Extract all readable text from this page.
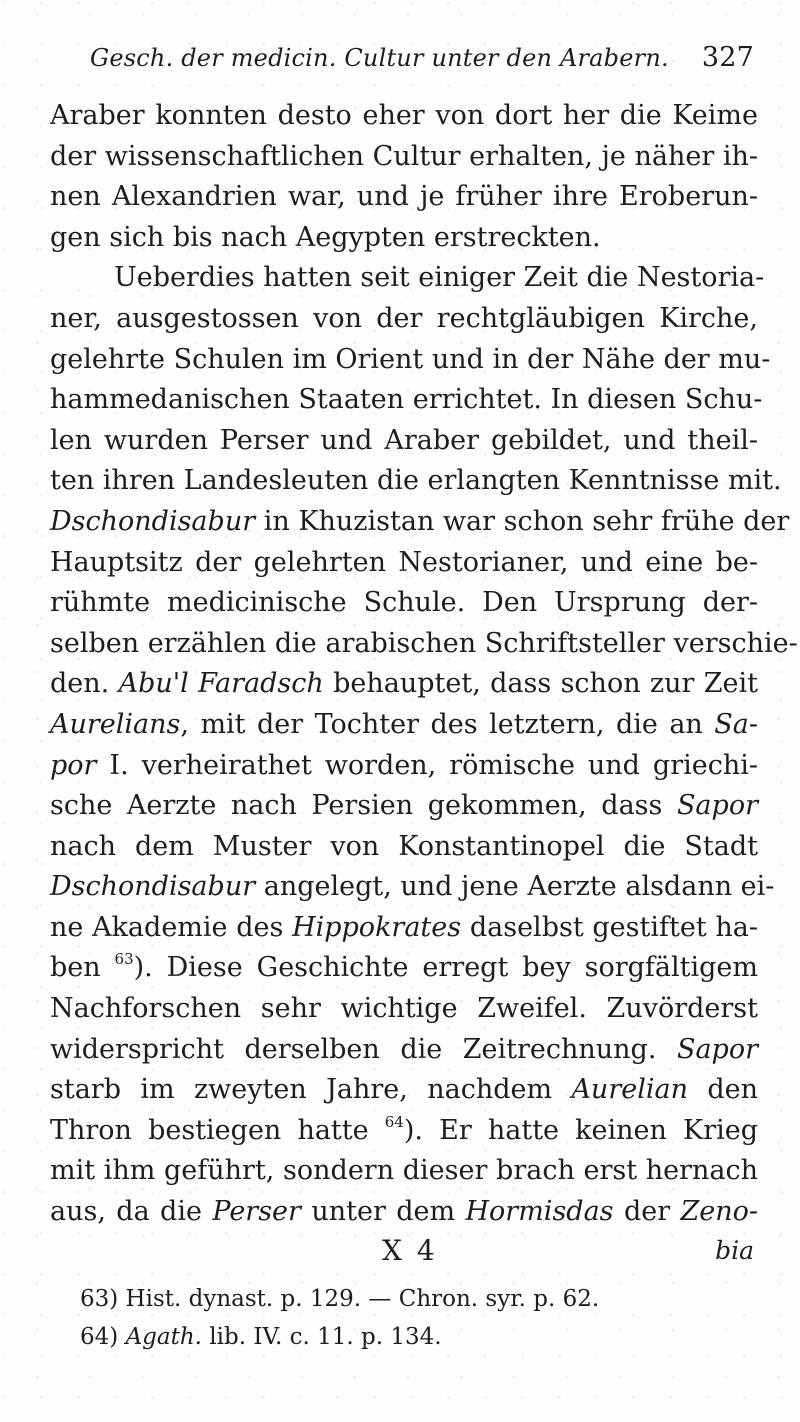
Gesch. der medicin. Cultur unter den Arabern. 327
Araber konnten desto eher von dort her die Keime
der wissenschaftlichen Cultur erhalten, je näher ih-
nen Alexandrien war, und je früher ihre Eroberun-
gen sich bis nach Aegypten erstreckten.
Ueberdies hatten seit einiger Zeit die Nestoria-
ner, ausgestossen von der rechtgläubigen Kirche,
gelehrte Schulen im Orient und in der Nähe der mu-
hammedanischen Staaten errichtet. In diesen Schu-
len wurden Perser und Araber gebildet, und theil-
ten ihren Landesleuten die erlangten Kenntnisse mit.
Dschondisabur in Khuzistan war schon sehr frühe der
Hauptsitz der gelehrten Nestorianer, und eine be-
rühmte medicinische Schule. Den Ursprung der-
selben erzählen die arabischen Schriftsteller verschie-
den. Abu'l Faradsch behauptet, dass schon zur Zeit
Aurelians, mit der Tochter des letztern, die an Sa-
por I. verheirathet worden, römische und griechi-
sche Aerzte nach Persien gekommen, dass Sapor
nach dem Muster von Konstantinopel die Stadt
Dschondisabur angelegt, und jene Aerzte alsdann ei-
ne Akademie des Hippokrates daselbst gestiftet ha-
ben $^{63}$). Diese Geschichte erregt bey sorgfältigem
Nachforschen sehr wichtige Zweifel. Zuvörderst
widerspricht derselben die Zeitrechnung. Sapor
starb im zweyten Jahre, nachdem Aurelian den
Thron bestiegen hatte $^{64}$). Er hatte keinen Krieg
mit ihm geführt, sondern dieser brach erst hernach
aus, da die Perser unter dem Hormisdas der Zeno-
X 4	bia
63) Hist. dynast. p. 129. — Chron. syr. p. 62.
64) Agath. lib. IV. c. 11. p. 134.
